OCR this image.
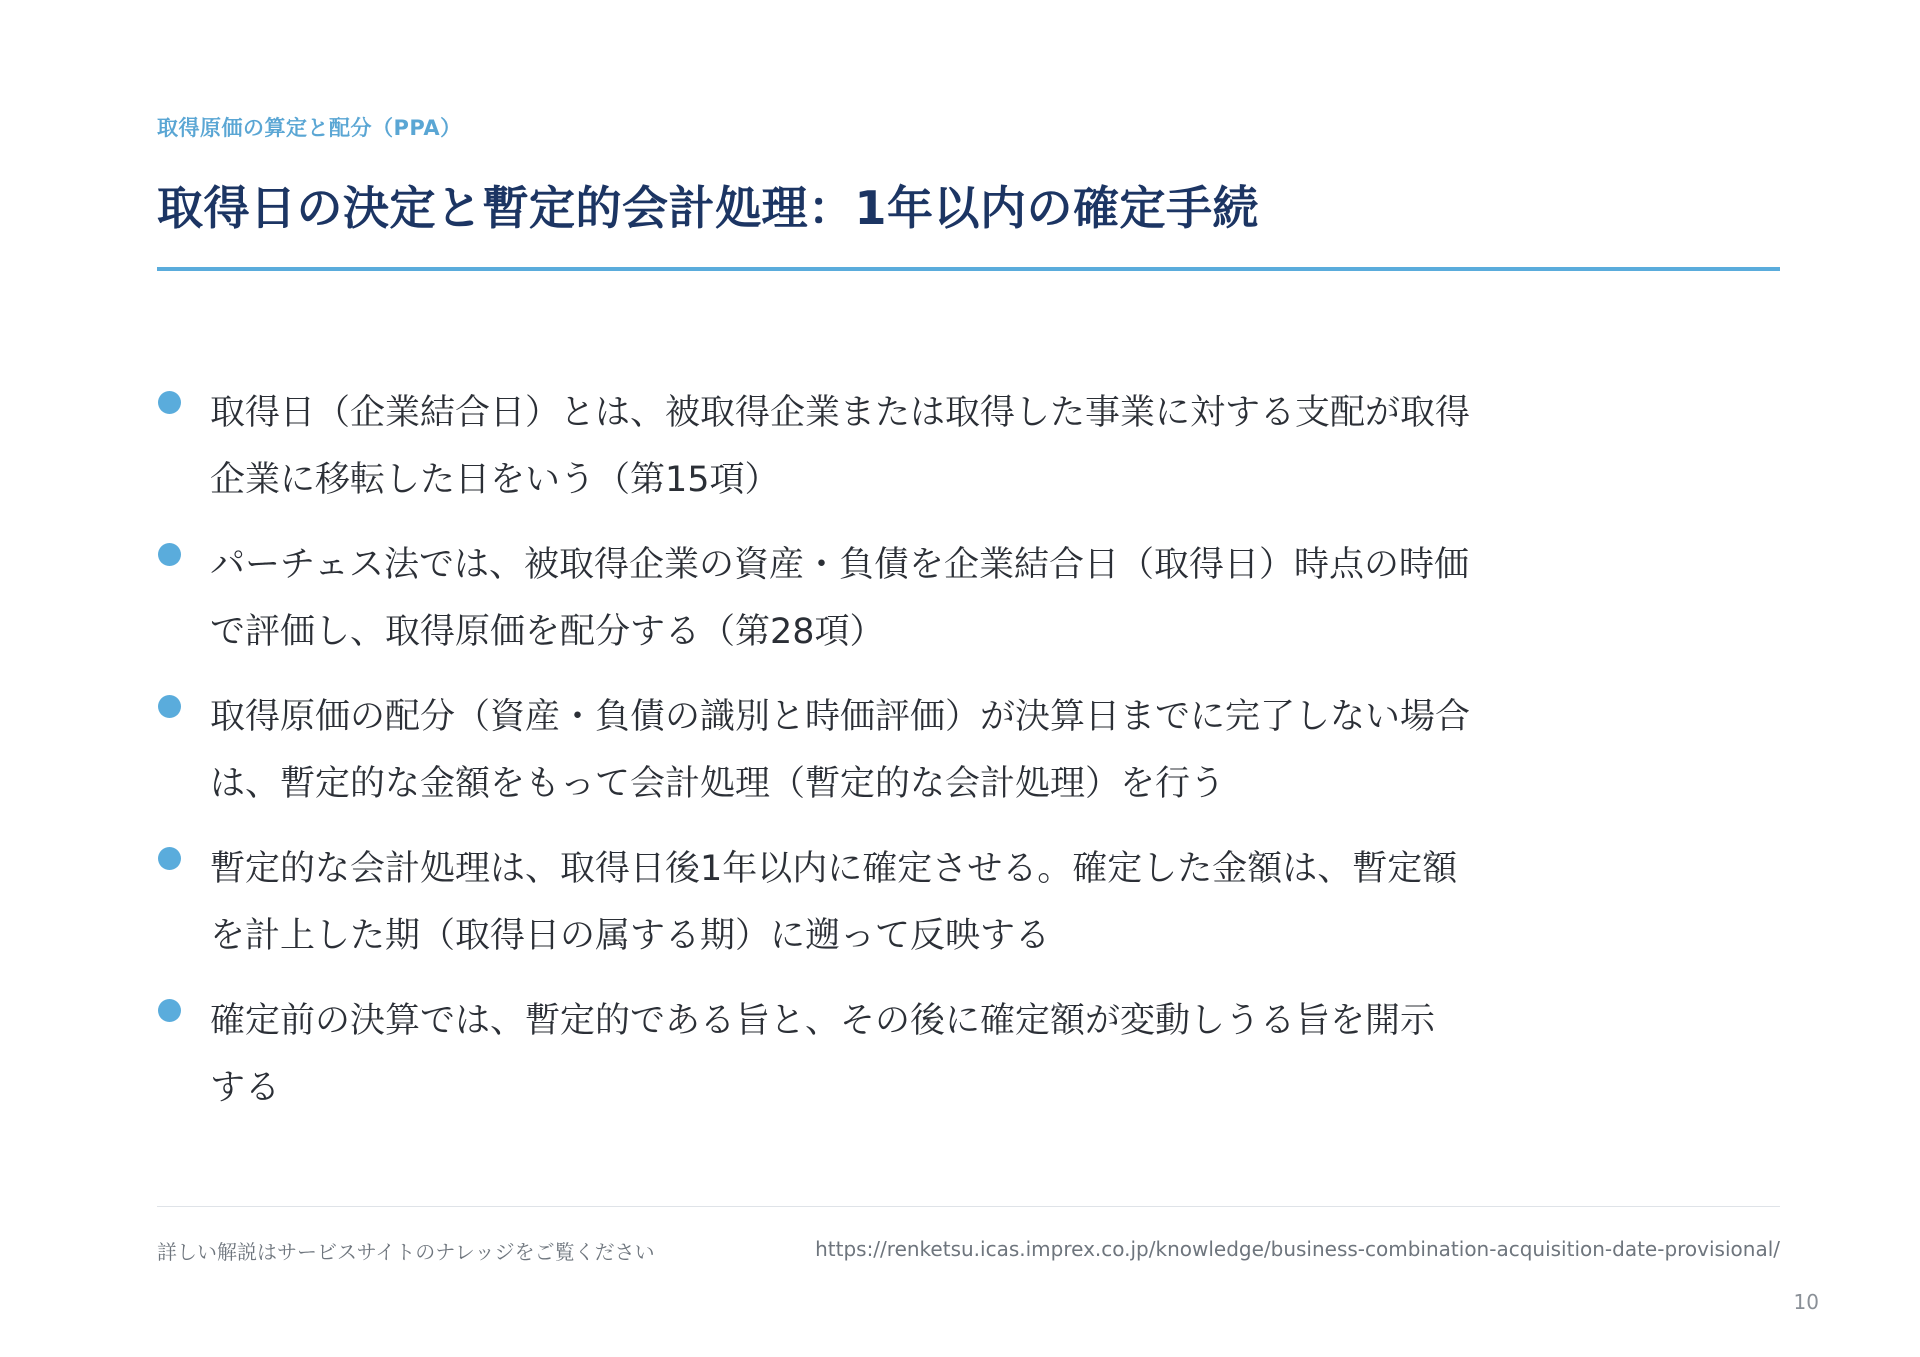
取得原価の算定と配分（PPA）
取得日の決定と暫定的会計処理：1年以内の確定手続

取得日（企業結合日）とは、被取得企業または取得した事業に対する支配が取得
企業に移転した日をいう（第15項）

パーチェス法では、被取得企業の資産・負債を企業結合日（取得日）時点の時価
で評価し、取得原価を配分する（第28項）

取得原価の配分（資産・負債の識別と時価評価）が決算日までに完了しない場合
は、暫定的な金額をもって会計処理（暫定的な会計処理）を行う

暫定的な会計処理は、取得日後1年以内に確定させる。確定した金額は、暫定額
を計上した期（取得日の属する期）に遡って反映する

確定前の決算では、暫定的である旨と、その後に確定額が変動しうる旨を開示
する

詳しい解説はサービスサイトのナレッジをご覧ください	https://renketsu.icas.imprex.co.jp/knowledge/business-combination-acquisition-date-provisional/
10
